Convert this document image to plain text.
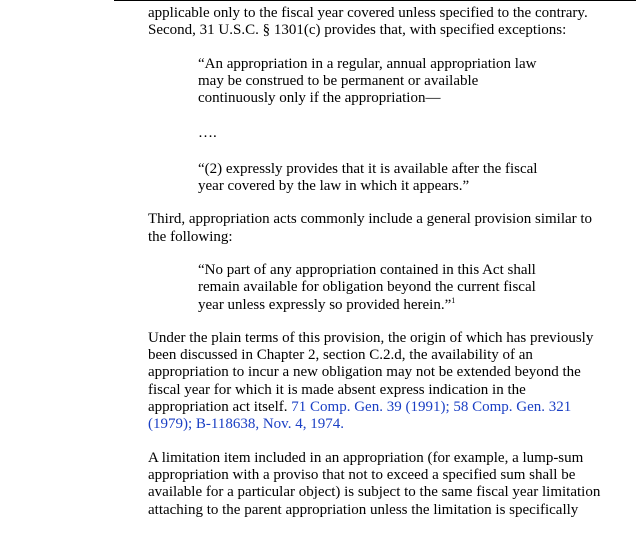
applicable only to the fiscal year covered unless specified to the contrary.
Second, 31 U.S.C. § 1301(c) provides that, with specified exceptions:

“An appropriation in a regular, annual appropriation law
may be construed to be permanent or available
continuously only if the appropriation—

….

“(2) expressly provides that it is available after the fiscal
year covered by the law in which it appears.”

Third, appropriation acts commonly include a general provision similar to
the following:

“No part of any appropriation contained in this Act shall
remain available for obligation beyond the current fiscal
year unless expressly so provided herein.”$^1$

Under the plain terms of this provision, the origin of which has previously
been discussed in Chapter 2, section C.2.d, the availability of an
appropriation to incur a new obligation may not be extended beyond the
fiscal year for which it is made absent express indication in the
appropriation act itself. 71 Comp. Gen. 39 (1991); 58 Comp. Gen. 321
(1979); B-118638, Nov. 4, 1974.

A limitation item included in an appropriation (for example, a lump-sum
appropriation with a proviso that not to exceed a specified sum shall be
available for a particular object) is subject to the same fiscal year limitation
attaching to the parent appropriation unless the limitation is specifically
